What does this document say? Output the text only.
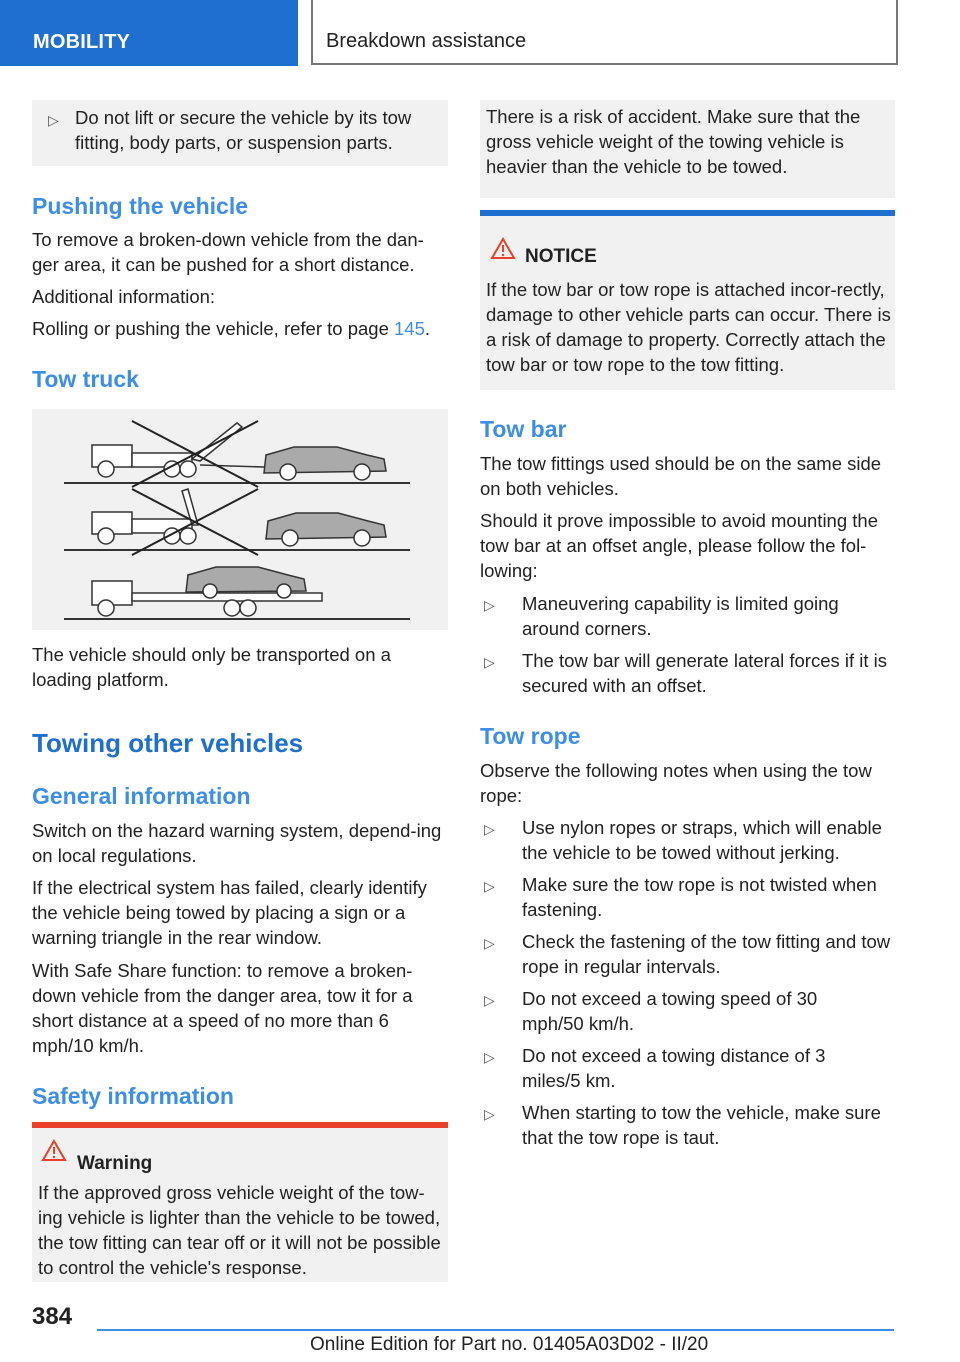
MOBILITY	Breakdown assistance
▷ Do not lift or secure the vehicle by its tow fitting, body parts, or suspension parts.

Pushing the vehicle

To remove a broken-down vehicle from the dan‐ger area, it can be pushed for a short distance.

Additional information:

Rolling or pushing the vehicle, refer to page 145.

Tow truck

The vehicle should only be transported on a loading platform.

Towing other vehicles
General information

Switch on the hazard warning system, depend‐ing on local regulations.

If the electrical system has failed, clearly identify the vehicle being towed by placing a sign or a warning triangle in the rear window.

With Safe Share function: to remove a broken-down vehicle from the danger area, tow it for a short distance at a speed of no more than 6 mph/10 km/h.

Safety information
Warning

If the approved gross vehicle weight of the tow‐ing vehicle is lighter than the vehicle to be towed, the tow fitting can tear off or it will not be possible to control the vehicle's response.

There is a risk of accident. Make sure that the gross vehicle weight of the towing vehicle is heavier than the vehicle to be towed.

NOTICE

If the tow bar or tow rope is attached incor‐rectly, damage to other vehicle parts can occur. There is a risk of damage to property. Correctly attach the tow bar or tow rope to the tow fitting.

Tow bar

The tow fittings used should be on the same side on both vehicles.

Should it prove impossible to avoid mounting the tow bar at an offset angle, please follow the fol‐lowing:

▷ Maneuvering capability is limited going around corners.
▷ The tow bar will generate lateral forces if it is secured with an offset.
Tow rope

Observe the following notes when using the tow rope:

▷ Use nylon ropes or straps, which will enable the vehicle to be towed without jerking.
▷ Make sure the tow rope is not twisted when fastening.
▷ Check the fastening of the tow fitting and tow rope in regular intervals.
▷ Do not exceed a towing speed of 30 mph/50 km/h.
▷ Do not exceed a towing distance of 3 miles/5 km.
▷ When starting to tow the vehicle, make sure that the tow rope is taut.
384
Online Edition for Part no. 01405A03D02 - II/20
